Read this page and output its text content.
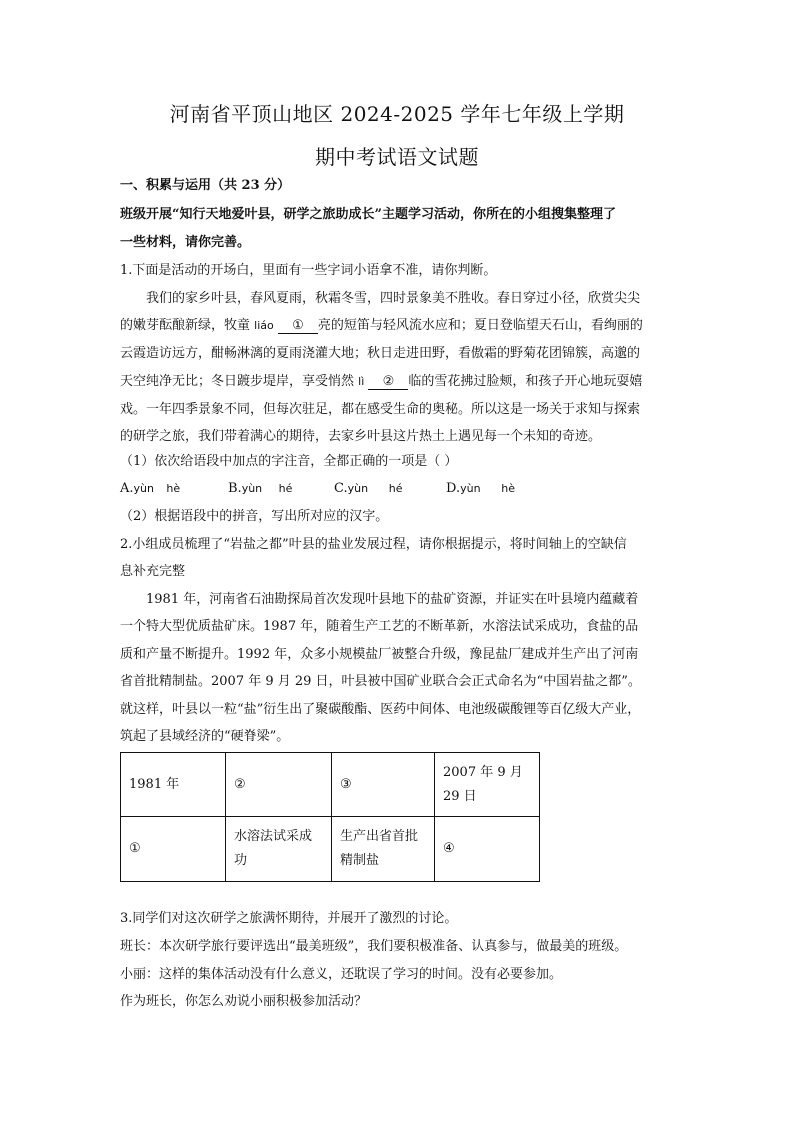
河南省平顶山地区 2024-2025 学年七年级上学期
期中考试语文试题
一、积累与运用（共 23 分）
班级开展“知行天地爱叶县，研学之旅助成长”主题学习活动，你所在的小组搜集整理了
一些材料，请你完善。
1.下面是活动的开场白，里面有一些字词小语拿不准，请你判断。
我们的家乡叶县，春风夏雨，秋霜冬雪，四时景象美不胜收。春日穿过小径，欣赏尖尖
的嫩芽酝酿新绿，牧童 liáo ① 亮的短笛与轻风流水应和；夏日登临望天石山，看绚丽的
云霞造访远方，酣畅淋漓的夏雨浇灌大地；秋日走进田野，看傲霜的野菊花团锦簇，高邈的
天空纯净无比；冬日踱步堤岸，享受悄然 lì ② 临的雪花拂过脸颊，和孩子开心地玩耍嬉
戏。一年四季景象不同，但每次驻足，都在感受生命的奥秘。所以这是一场关于求知与探索
的研学之旅，我们带着满心的期待，去家乡叶县这片热土上遇见每一个未知的奇迹。
（1）依次给语段中加点的字注音，全都正确的一项是（ ）
A.yùn hè	B.yùn hé	C.yùn hé	D.yùn hè
（2）根据语段中的拼音，写出所对应的汉字。
2.小组成员梳理了“岩盐之都”叶县的盐业发展过程，请你根据提示，将时间轴上的空缺信
息补充完整
1981 年，河南省石油勘探局首次发现叶县地下的盐矿资源，并证实在叶县境内蕴藏着
一个特大型优质盐矿床。1987 年，随着生产工艺的不断革新，水溶法试采成功，食盐的品
质和产量不断提升。1992 年，众多小规模盐厂被整合升级，豫昆盐厂建成并生产出了河南
省首批精制盐。2007 年 9 月 29 日，叶县被中国矿业联合会正式命名为“中国岩盐之都”。
就这样，叶县以一粒“盐”衍生出了聚碳酸酯、医药中间体、电池级碳酸锂等百亿级大产业，
筑起了县域经济的“硬脊梁”。
1981 年	②	③	2007 年 9 月 29 日
①	水溶法试采成功	生产出省首批精制盐	④
3.同学们对这次研学之旅满怀期待，并展开了激烈的讨论。
班长：本次研学旅行要评选出“最美班级”，我们要积极准备、认真参与，做最美的班级。
小丽：这样的集体活动没有什么意义，还耽误了学习的时间。没有必要参加。
作为班长，你怎么劝说小丽积极参加活动？
